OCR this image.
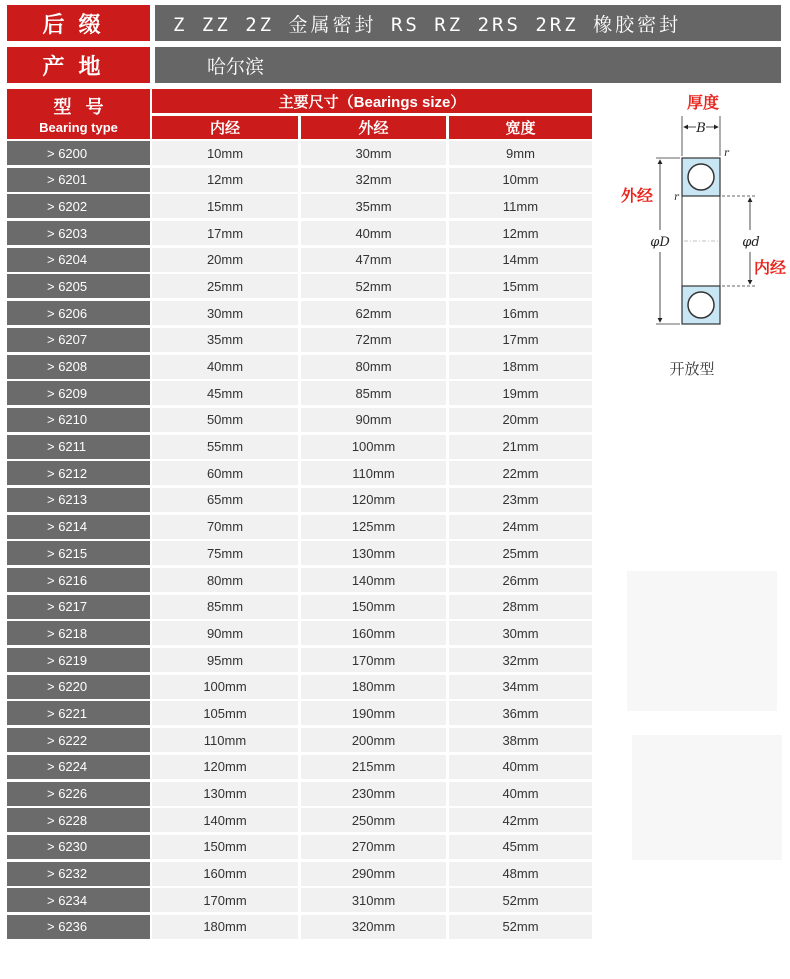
后缀	Z ZZ 2Z 金属密封 RS RZ 2RS 2RZ 橡胶密封
产地	哈尔滨
型号
Bearing type
主要尺寸（Bearings size）
内经	外经	宽度
> 6200	10mm	30mm	9mm
> 6201	12mm	32mm	10mm
> 6202	15mm	35mm	11mm
> 6203	17mm	40mm	12mm
> 6204	20mm	47mm	14mm
> 6205	25mm	52mm	15mm
> 6206	30mm	62mm	16mm
> 6207	35mm	72mm	17mm
> 6208	40mm	80mm	18mm
> 6209	45mm	85mm	19mm
> 6210	50mm	90mm	20mm
> 6211	55mm	100mm	21mm
> 6212	60mm	110mm	22mm
> 6213	65mm	120mm	23mm
> 6214	70mm	125mm	24mm
> 6215	75mm	130mm	25mm
> 6216	80mm	140mm	26mm
> 6217	85mm	150mm	28mm
> 6218	90mm	160mm	30mm
> 6219	95mm	170mm	32mm
> 6220	100mm	180mm	34mm
> 6221	105mm	190mm	36mm
> 6222	110mm	200mm	38mm
> 6224	120mm	215mm	40mm
> 6226	130mm	230mm	40mm
> 6228	140mm	250mm	42mm
> 6230	150mm	270mm	45mm
> 6232	160mm	290mm	48mm
> 6234	170mm	310mm	52mm
> 6236	180mm	320mm	52mm
B
厚度
r
r
φD
外经
φd
内经
开放型
